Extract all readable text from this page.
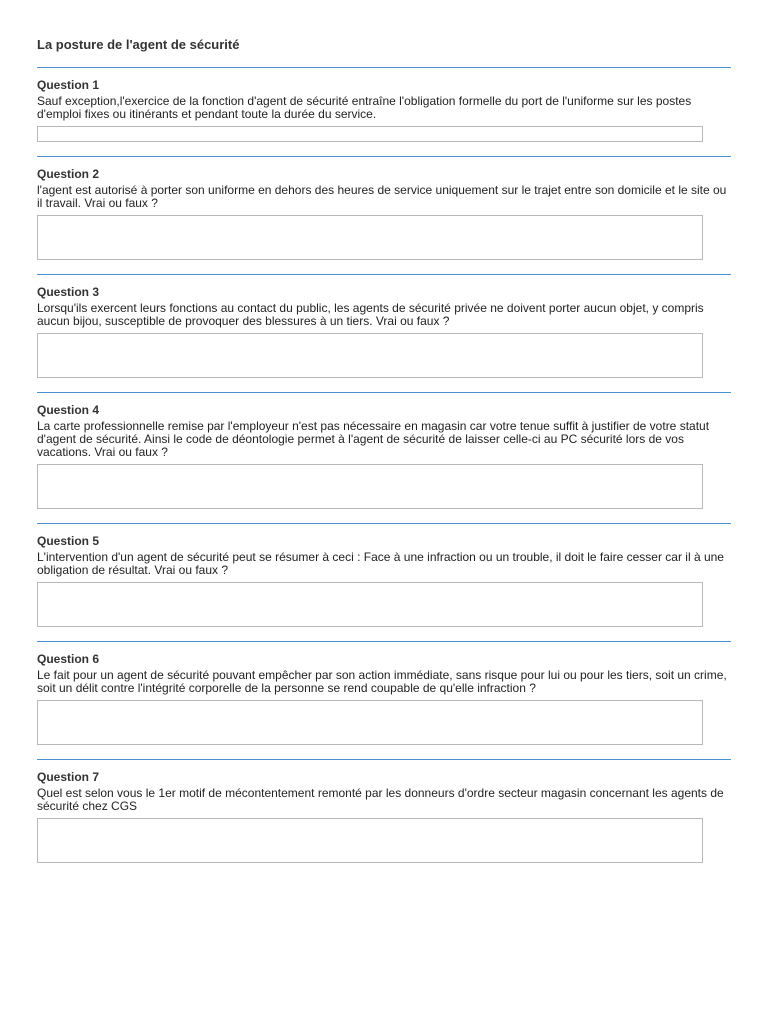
La posture de l'agent de sécurité
Question 1
Sauf exception,l'exercice de la fonction d'agent de sécurité entraîne l'obligation formelle du port de l'uniforme sur les postes d'emploi fixes ou itinérants et pendant toute la durée du service.
Question 2
l'agent est autorisé à porter son uniforme en dehors des heures de service uniquement sur le trajet entre son domicile et le site ou il travail. Vrai ou faux ?
Question 3
Lorsqu'ils exercent leurs fonctions au contact du public, les agents de sécurité privée ne doivent porter aucun objet, y compris aucun bijou, susceptible de provoquer des blessures à un tiers. Vrai ou faux ?
Question 4
La carte professionnelle remise par l'employeur n'est pas nécessaire en magasin car votre tenue suffit à justifier de votre statut d'agent de sécurité. Ainsi le code de déontologie permet à l'agent de sécurité de laisser celle-ci au PC sécurité lors de vos vacations. Vrai ou faux ?
Question 5
L'intervention d'un agent de sécurité peut se résumer à ceci : Face à une infraction ou un trouble, il doit le faire cesser car il à une obligation de résultat. Vrai ou faux ?
Question 6
Le fait pour un agent de sécurité pouvant empêcher par son action immédiate, sans risque pour lui ou pour les tiers, soit un crime, soit un délit contre l'intégrité corporelle de la personne se rend coupable de qu'elle infraction ?
Question 7
Quel est selon vous le 1er motif de mécontentement remonté par les donneurs d'ordre secteur magasin concernant les agents de sécurité chez CGS
